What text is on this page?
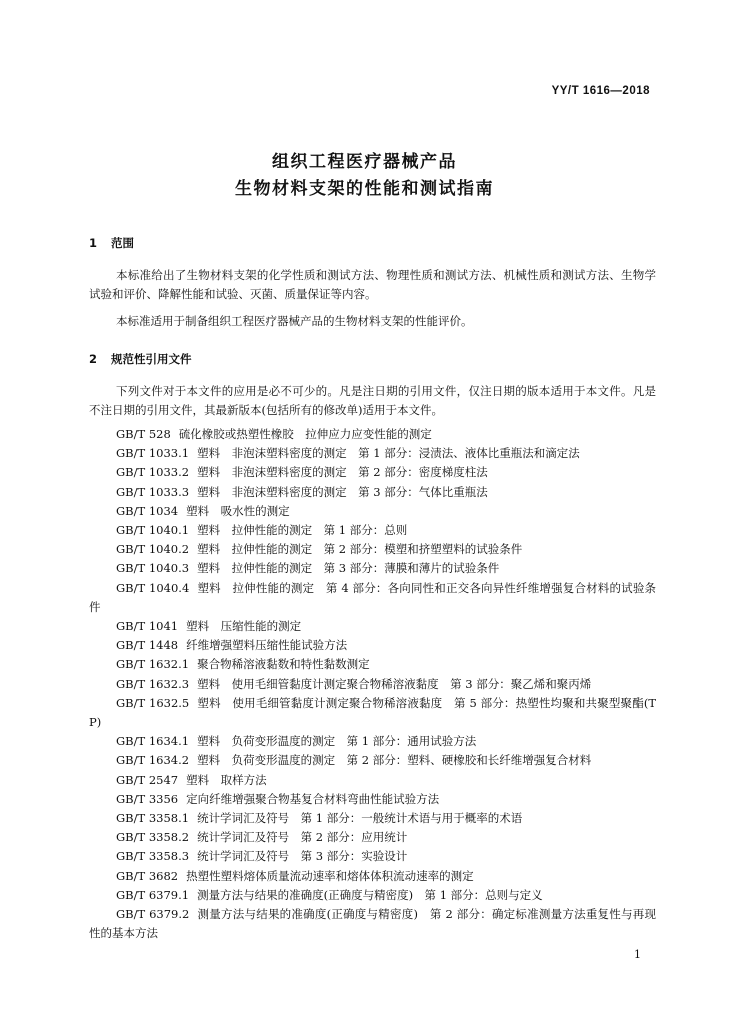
YY/T 1616—2018
组织工程医疗器械产品
生物材料支架的性能和测试指南
1 范围
本标准给出了生物材料支架的化学性质和测试方法、物理性质和测试方法、机械性质和测试方法、生物学试验和评价、降解性能和试验、灭菌、质量保证等内容。
本标准适用于制备组织工程医疗器械产品的生物材料支架的性能评价。
2 规范性引用文件
下列文件对于本文件的应用是必不可少的。凡是注日期的引用文件，仅注日期的版本适用于本文件。凡是不注日期的引用文件，其最新版本(包括所有的修改单)适用于本文件。
GB/T 528 硫化橡胶或热塑性橡胶　拉伸应力应变性能的测定
GB/T 1033.1 塑料　非泡沫塑料密度的测定　第 1 部分：浸渍法、液体比重瓶法和滴定法
GB/T 1033.2 塑料　非泡沫塑料密度的测定　第 2 部分：密度梯度柱法
GB/T 1033.3 塑料　非泡沫塑料密度的测定　第 3 部分：气体比重瓶法
GB/T 1034 塑料　吸水性的测定
GB/T 1040.1 塑料　拉伸性能的测定　第 1 部分：总则
GB/T 1040.2 塑料　拉伸性能的测定　第 2 部分：模塑和挤塑塑料的试验条件
GB/T 1040.3 塑料　拉伸性能的测定　第 3 部分：薄膜和薄片的试验条件
GB/T 1040.4 塑料　拉伸性能的测定　第 4 部分：各向同性和正交各向异性纤维增强复合材料的试验条件
GB/T 1041 塑料　压缩性能的测定
GB/T 1448 纤维增强塑料压缩性能试验方法
GB/T 1632.1 聚合物稀溶液黏数和特性黏数测定
GB/T 1632.3 塑料　使用毛细管黏度计测定聚合物稀溶液黏度　第 3 部分：聚乙烯和聚丙烯
GB/T 1632.5 塑料　使用毛细管黏度计测定聚合物稀溶液黏度　第 5 部分：热塑性均聚和共聚型聚酯(TP)
GB/T 1634.1 塑料　负荷变形温度的测定　第 1 部分：通用试验方法
GB/T 1634.2 塑料　负荷变形温度的测定　第 2 部分：塑料、硬橡胶和长纤维增强复合材料
GB/T 2547 塑料　取样方法
GB/T 3356 定向纤维增强聚合物基复合材料弯曲性能试验方法
GB/T 3358.1 统计学词汇及符号　第 1 部分：一般统计术语与用于概率的术语
GB/T 3358.2 统计学词汇及符号　第 2 部分：应用统计
GB/T 3358.3 统计学词汇及符号　第 3 部分：实验设计
GB/T 3682 热塑性塑料熔体质量流动速率和熔体体积流动速率的测定
GB/T 6379.1 测量方法与结果的准确度(正确度与精密度)　第 1 部分：总则与定义
GB/T 6379.2 测量方法与结果的准确度(正确度与精密度)　第 2 部分：确定标准测量方法重复性与再现性的基本方法
1
